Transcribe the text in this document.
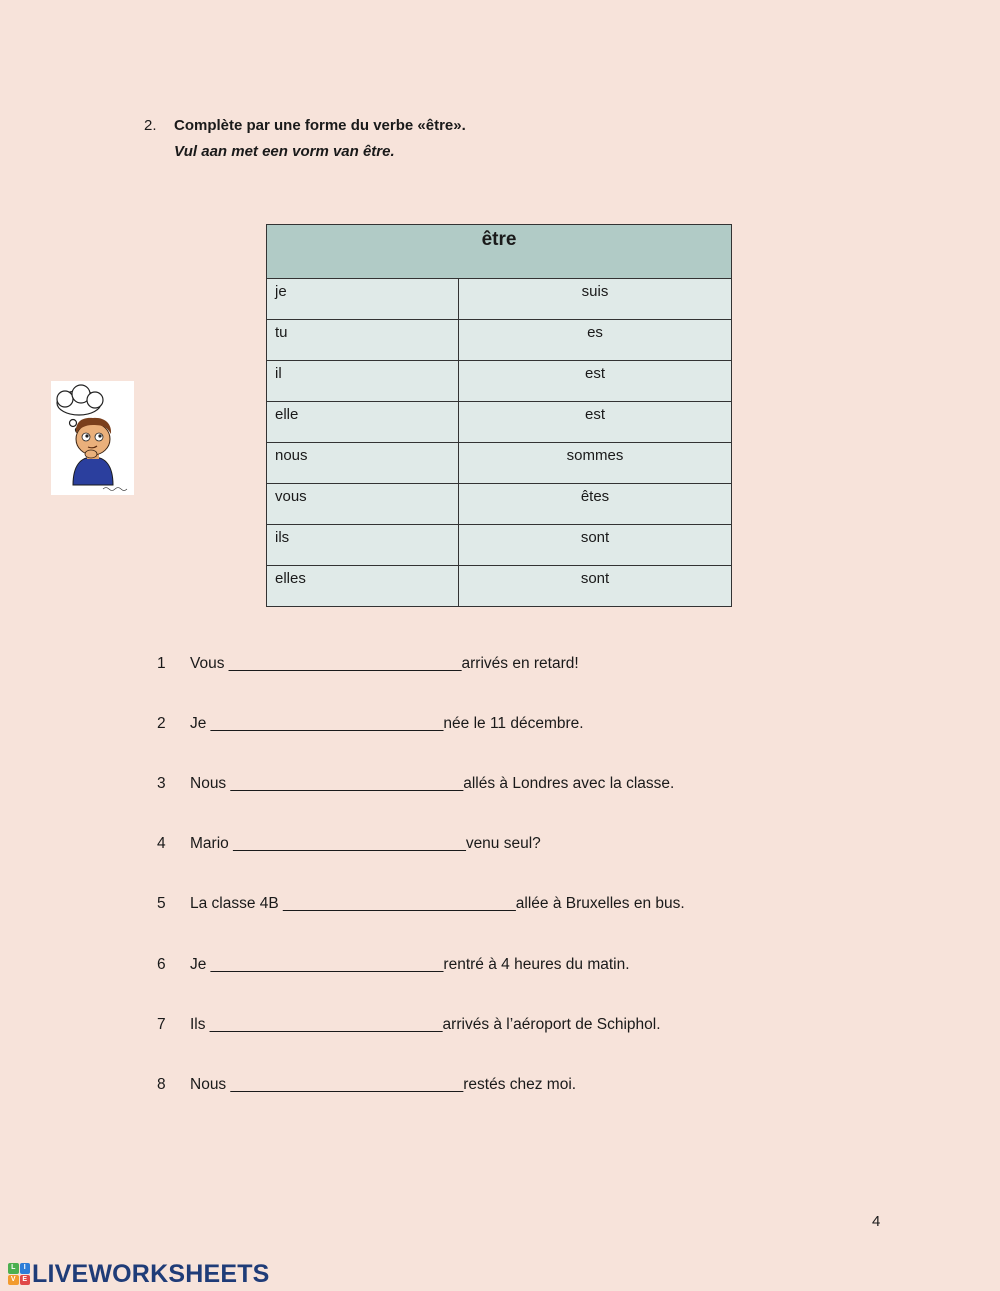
2. Complète par une forme du verbe «être».
Vul aan met een vorm van être.
être	
je	suis
tu	es
il	est
elle	est
nous	sommes
vous	êtes
ils	sont
elles	sont
1 Vous ___________________________arrivés en retard!
2 Je ___________________________née le 11 décembre.
3 Nous ___________________________allés à Londres avec la classe.
4 Mario ___________________________venu seul?
5 La classe 4B ___________________________allée à Bruxelles en bus.
6 Je ___________________________rentré à 4 heures du matin.
7 Ils ___________________________arrivés à l’aéroport de Schiphol.
8 Nous ___________________________restés chez moi.
4
L	I
V E LIVEWORKSHEETS
